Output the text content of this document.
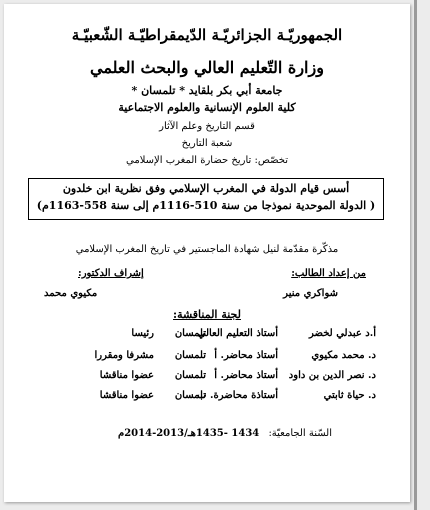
الجمهوريّـة الجزائريّـة الدّيمقراطيّـة الشّعبيّـة
وزارة التّعليم العالي والبحث العلمي
جامعة أبي بكر بلقايد * تلمسان *
كلية العلوم الإنسانية والعلوم الاجتماعية
قسم التاريخ وعلم الآثار
شعبة التاريخ
تخصّص: تاريخ حضارة المغرب الإسلامي
أسس قيام الدولة في المغرب الإسلامي وفق نظرية ابن خلدون
( الدولة الموحدية نموذجا من سنة 510-1116م إلى سنة 558-1163م)
مذكّرة مقدّمة لنيل شهادة الماجستير في تاريخ المغرب الإسلامي
من إعداد الطالب:
إشراف الدكتور:
شواكري منير
مكيوي محمد
لجنة المناقشة:
أ.د عبدلي لخضر
أستاذ التعليم العالي
تلمسان
رئيسا
د. محمد مكيوي
أستاذ محاضر. أ
تلمسان
مشرفا ومقررا
د. نصر الدين بن داود
أستاذ محاضر. أ
تلمسان
عضوا مناقشا
د. حياة ثابتي
أستاذة محاضرة. ب
تلمسان
عضوا مناقشا
السّنة الجامعيّة: 1434 -1435هـ/2013-2014م
